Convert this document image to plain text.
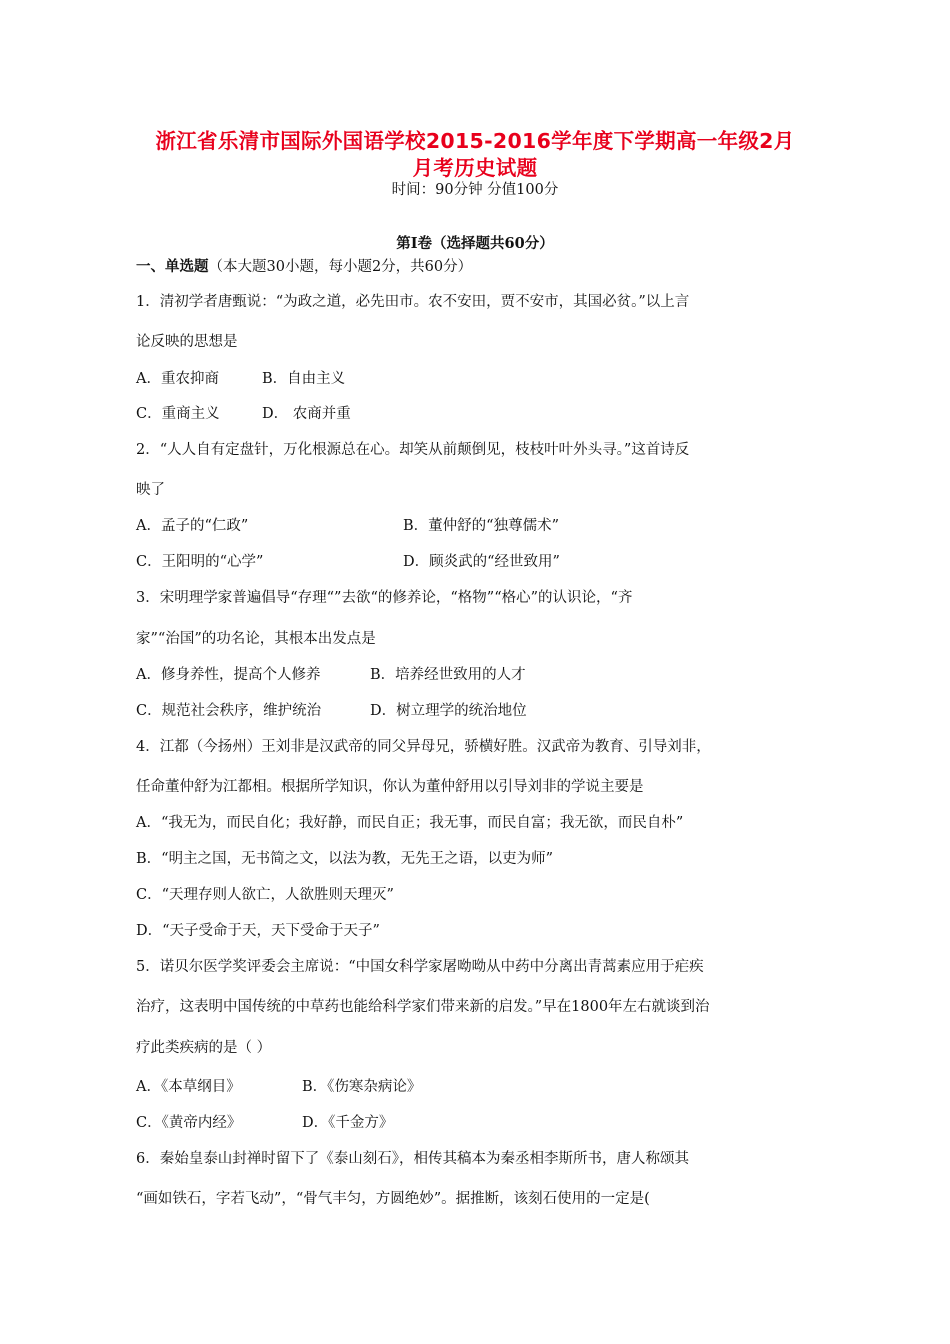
浙江省乐清市国际外国语学校2015-2016学年度下学期高一年级2月
月考历史试题
时间：90分钟 分值100分
第Ⅰ卷（选择题共60分）
一、单选题（本大题30小题，每小题2分，共60分）
1．清初学者唐甄说：“为政之道，必先田市。农不安田，贾不安市，其国必贫。”以上言
论反映的思想是
A．重农抑商	B．自由主义
C．重商主义	D． 农商并重
2．“人人自有定盘针，万化根源总在心。却笑从前颠倒见，枝枝叶叶外头寻。”这首诗反
映了
A．孟子的“仁政”	B．董仲舒的“独尊儒术”
C．王阳明的“心学”	D．顾炎武的“经世致用”
3．宋明理学家普遍倡导“存理“”去欲“的修养论，“格物”“格心”的认识论，“齐
家”“治国”的功名论，其根本出发点是
A．修身养性，提高个人修养	B．培养经世致用的人才
C．规范社会秩序，维护统治	D．树立理学的统治地位
4．江都（今扬州）王刘非是汉武帝的同父异母兄，骄横好胜。汉武帝为教育、引导刘非，
任命董仲舒为江都相。根据所学知识，你认为董仲舒用以引导刘非的学说主要是
A．“我无为，而民自化；我好静，而民自正；我无事，而民自富；我无欲，而民自朴”
B．“明主之国，无书简之文，以法为教，无先王之语，以吏为师”
C．“天理存则人欲亡，人欲胜则天理灭”
D．“天子受命于天，天下受命于天子”
5．诺贝尔医学奖评委会主席说：“中国女科学家屠呦呦从中药中分离出青蒿素应用于疟疾
治疗，这表明中国传统的中草药也能给科学家们带来新的启发。”早在1800年左右就谈到治
疗此类疾病的是（ ）
A．《本草纲目》	B．《伤寒杂病论》
C．《黄帝内经》	D．《千金方》
6．秦始皇泰山封禅时留下了《泰山刻石》，相传其稿本为秦丞相李斯所书，唐人称颂其
“画如铁石，字若飞动”，“骨气丰匀，方圆绝妙”。据推断，该刻石使用的一定是(
